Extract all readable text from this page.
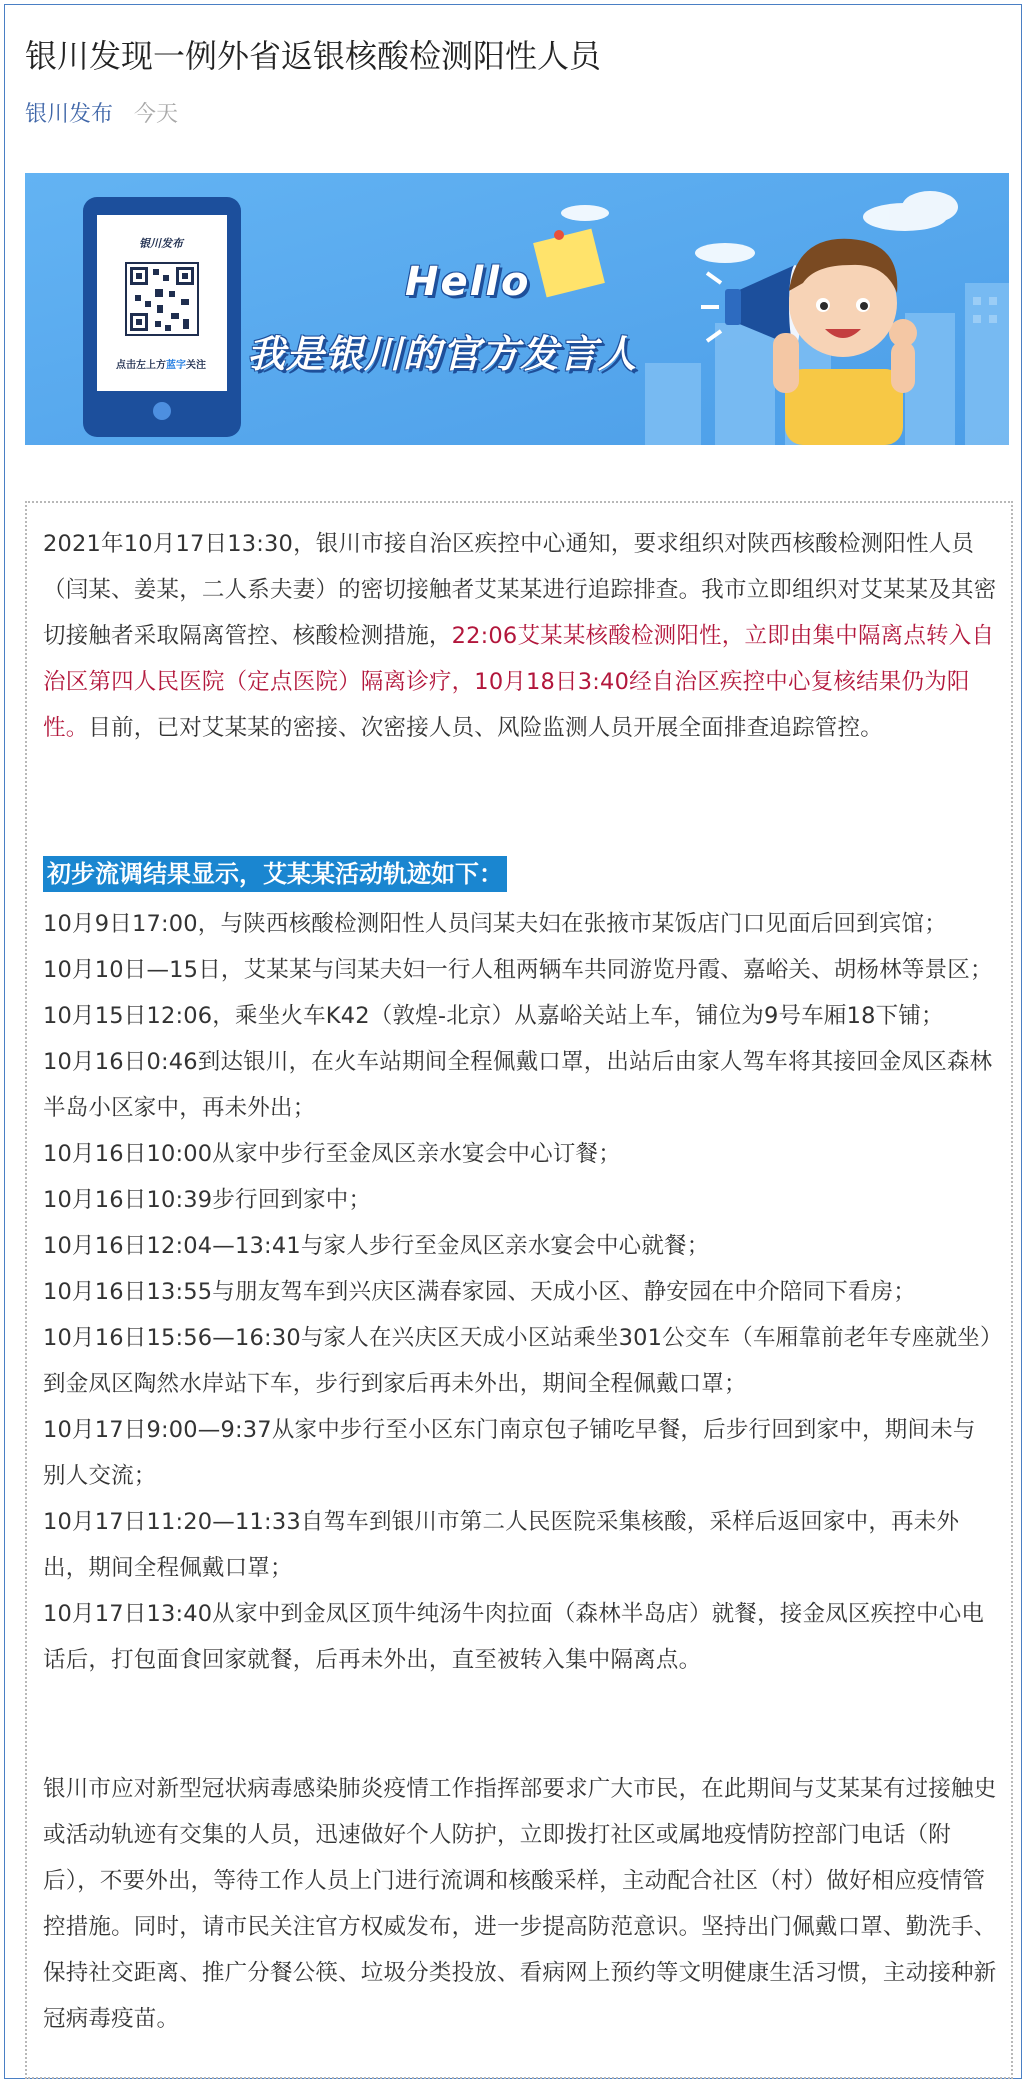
银川发现一例外省返银核酸检测阳性人员
银川发布 今天
银川发布
点击左上方蓝字关注
Hello
我是银川的官方发言人

2021年10月17日13:30，银川市接自治区疾控中心通知，要求组织对陕西核酸检测阳性人员（闫某、姜某，二人系夫妻）的密切接触者艾某某进行追踪排查。我市立即组织对艾某某及其密切接触者采取隔离管控、核酸检测措施，22:06艾某某核酸检测阳性，立即由集中隔离点转入自治区第四人民医院（定点医院）隔离诊疗，10月18日3:40经自治区疾控中心复核结果仍为阳性。目前，已对艾某某的密接、次密接人员、风险监测人员开展全面排查追踪管控。

初步流调结果显示，艾某某活动轨迹如下：
10月9日17:00，与陕西核酸检测阳性人员闫某夫妇在张掖市某饭店门口见面后回到宾馆；
10月10日—15日，艾某某与闫某夫妇一行人租两辆车共同游览丹霞、嘉峪关、胡杨林等景区；
10月15日12:06，乘坐火车K42（敦煌-北京）从嘉峪关站上车，铺位为9号车厢18下铺；
10月16日0:46到达银川，在火车站期间全程佩戴口罩，出站后由家人驾车将其接回金凤区森林半岛小区家中，再未外出；
10月16日10:00从家中步行至金凤区亲水宴会中心订餐；
10月16日10:39步行回到家中；
10月16日12:04—13:41与家人步行至金凤区亲水宴会中心就餐；
10月16日13:55与朋友驾车到兴庆区满春家园、天成小区、静安园在中介陪同下看房；
10月16日15:56—16:30与家人在兴庆区天成小区站乘坐301公交车（车厢靠前老年专座就坐）到金凤区陶然水岸站下车，步行到家后再未外出，期间全程佩戴口罩；
10月17日9:00—9:37从家中步行至小区东门南京包子铺吃早餐，后步行回到家中，期间未与别人交流；
10月17日11:20—11:33自驾车到银川市第二人民医院采集核酸，采样后返回家中，再未外出，期间全程佩戴口罩；
10月17日13:40从家中到金凤区顶牛纯汤牛肉拉面（森林半岛店）就餐，接金凤区疾控中心电话后，打包面食回家就餐，后再未外出，直至被转入集中隔离点。

银川市应对新型冠状病毒感染肺炎疫情工作指挥部要求广大市民，在此期间与艾某某有过接触史或活动轨迹有交集的人员，迅速做好个人防护，立即拨打社区或属地疫情防控部门电话（附后），不要外出，等待工作人员上门进行流调和核酸采样，主动配合社区（村）做好相应疫情管控措施。同时，请市民关注官方权威发布，进一步提高防范意识。坚持出门佩戴口罩、勤洗手、保持社交距离、推广分餐公筷、垃圾分类投放、看病网上预约等文明健康生活习惯，主动接种新冠病毒疫苗。
